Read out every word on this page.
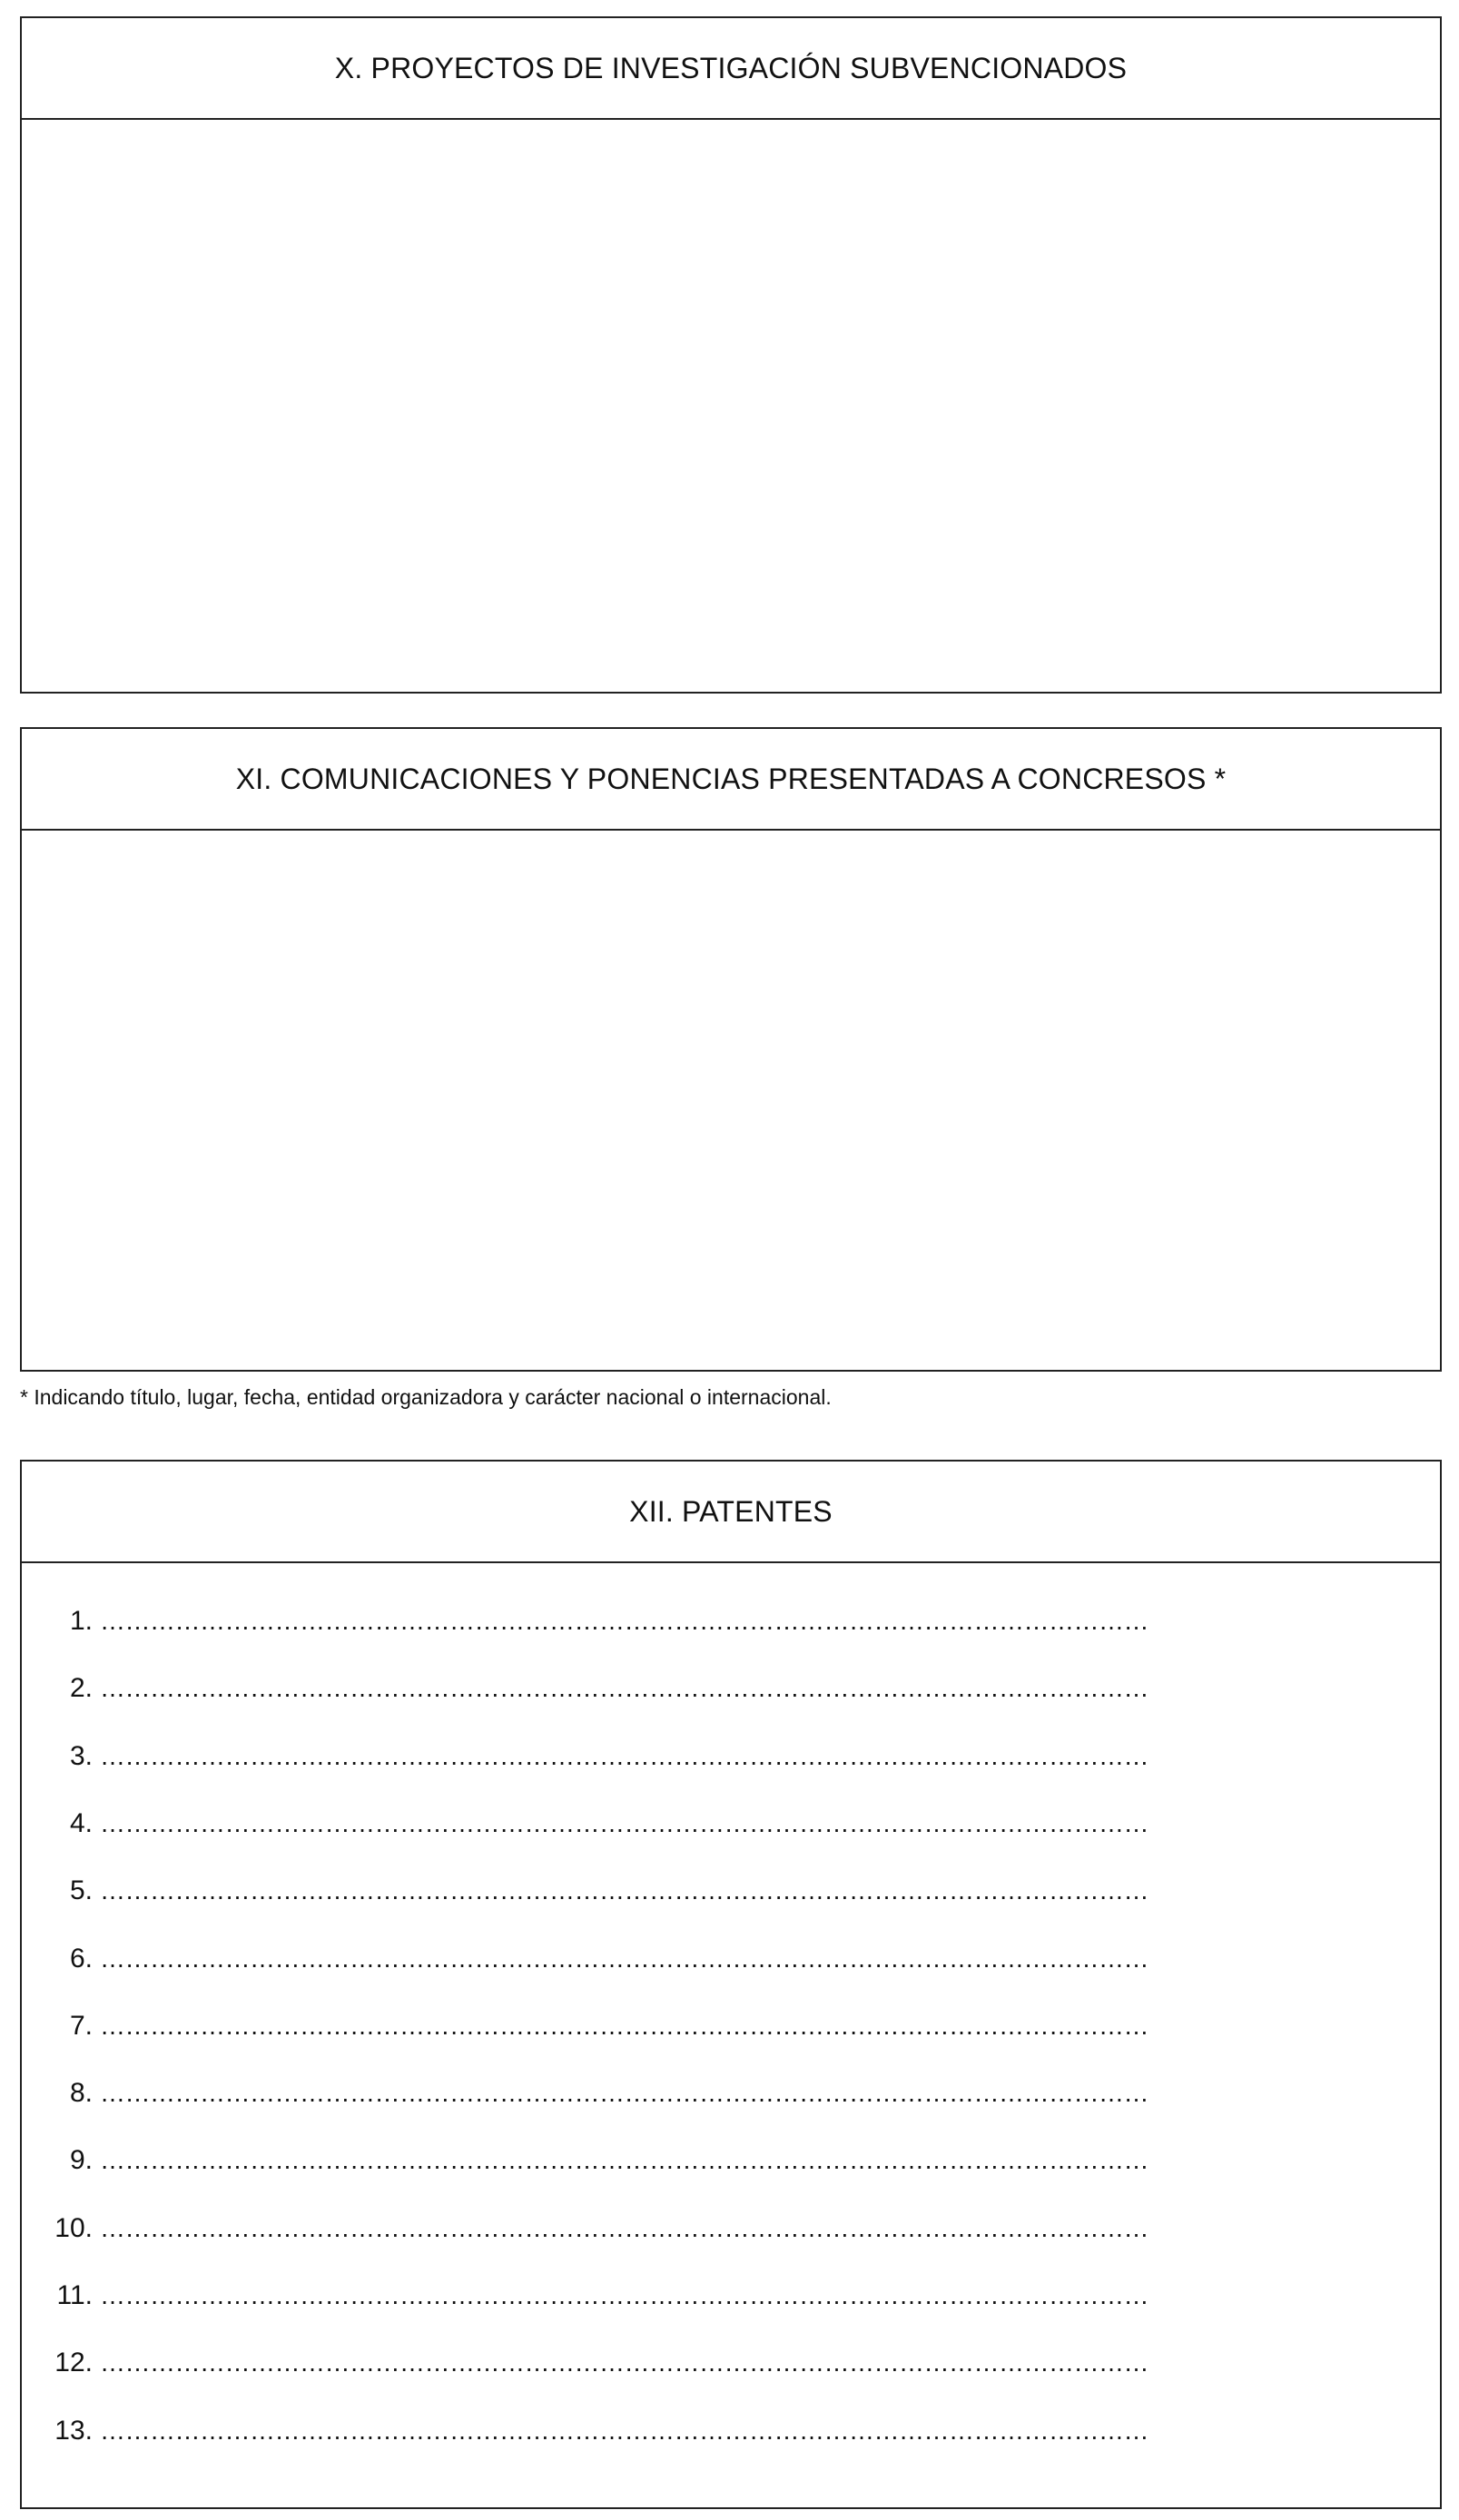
X. PROYECTOS DE INVESTIGACIÓN SUBVENCIONADOS
XI. COMUNICACIONES Y PONENCIAS PRESENTADAS A CONCRESOS *
* Indicando título, lugar, fecha, entidad organizadora y carácter nacional o internacional.
XII. PATENTES
1. ………………………………………………………………………………………………………………
2. ………………………………………………………………………………………………………………
3. ………………………………………………………………………………………………………………
4. ………………………………………………………………………………………………………………
5. ………………………………………………………………………………………………………………
6. ………………………………………………………………………………………………………………
7. ………………………………………………………………………………………………………………
8. ………………………………………………………………………………………………………………
9. ………………………………………………………………………………………………………………
10. ………………………………………………………………………………………………………………
11. ………………………………………………………………………………………………………………
12. ………………………………………………………………………………………………………………
13. ………………………………………………………………………………………………………………
